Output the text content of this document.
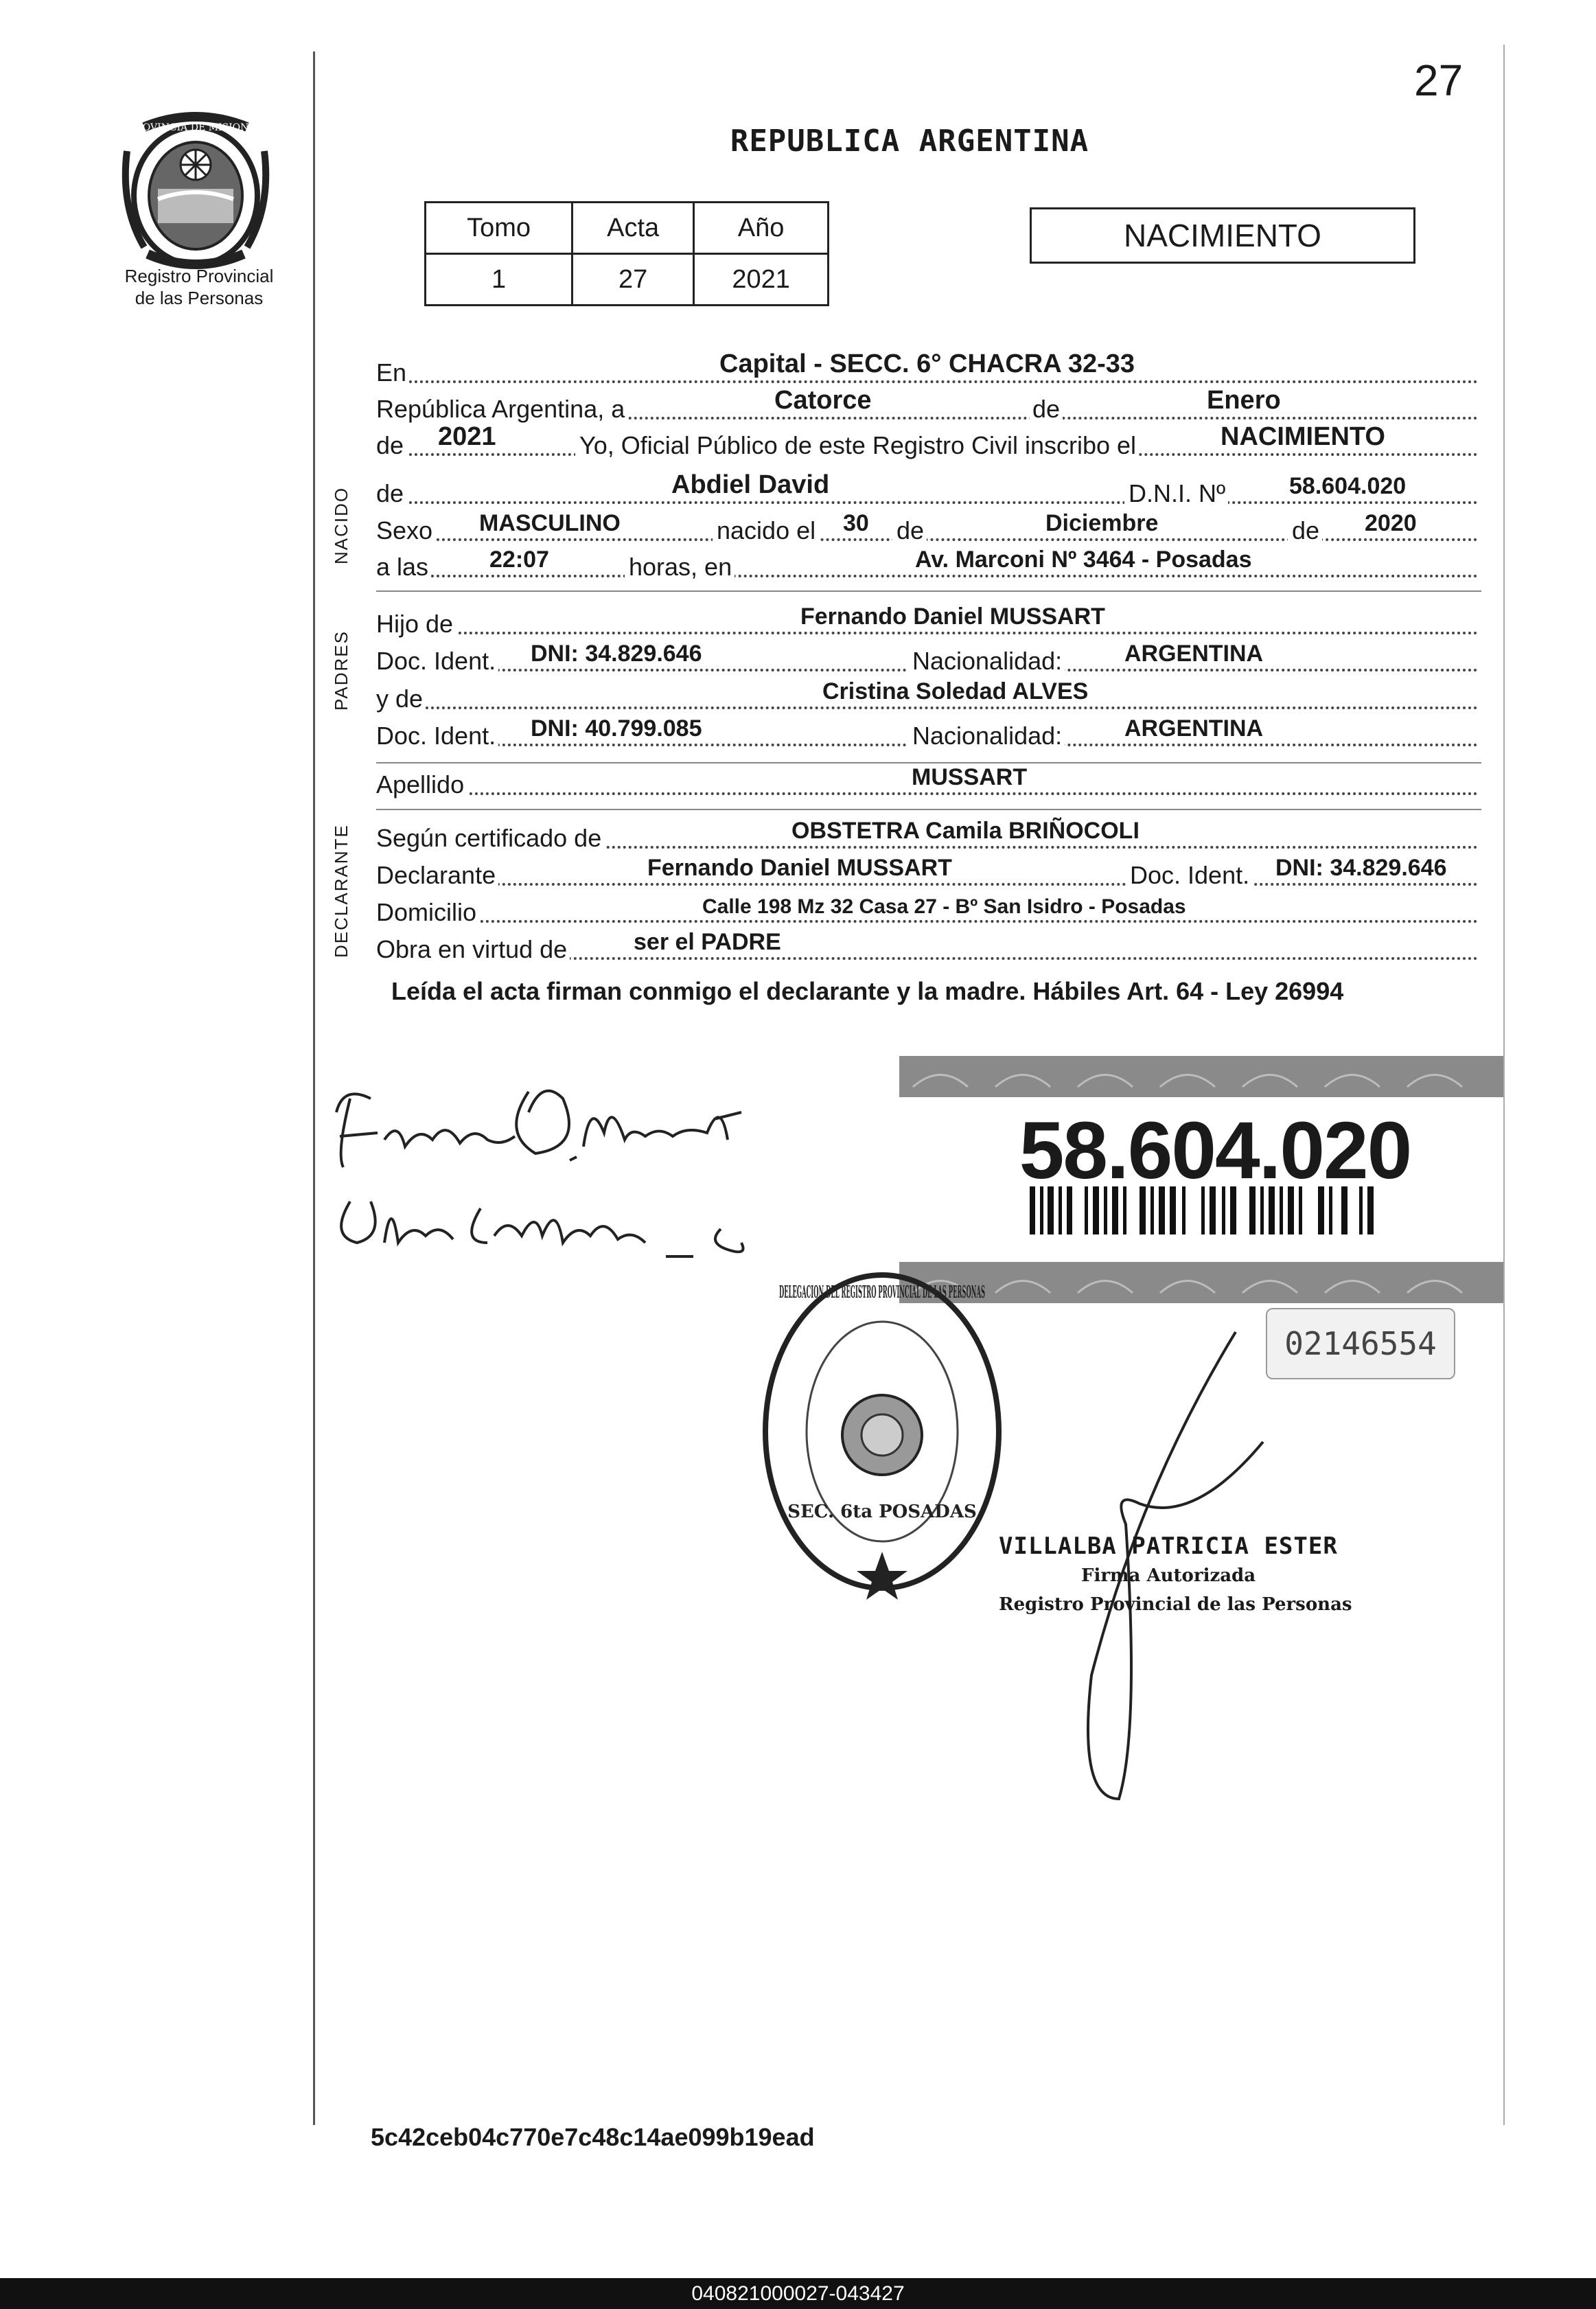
27
PROVINCIA DE MISIONES
Registro Provincial
de las Personas
REPUBLICA ARGENTINA
Tomo	Acta	Año
1	27	2021
NACIMIENTO
En	Capital - SECC. 6° CHACRA 32-33
República Argentina, a	Catorce	de	Enero
de 2021	Yo, Oficial Público de este Registro Civil inscribo el	NACIMIENTO
NACIDO de	Abdiel David	D.N.I. Nº	58.604.020
Sexo MASCULINO	nacido el 30 de	Diciembre	de 2020
a las	22:07	horas, en	Av. Marconi Nº 3464 - Posadas
PADRES
Hijo de	Fernando Daniel MUSSART
Doc. Ident. DNI: 34.829.646	Nacionalidad:	ARGENTINA
y de	Cristina Soledad ALVES
Doc. Ident. DNI: 40.799.085	Nacionalidad:	ARGENTINA
Apellido	MUSSART
DECLARANTE Según certificado de	OBSTETRA Camila BRIÑOCOLI
Declarante	Fernando Daniel MUSSART	Doc. Ident. DNI: 34.829.646
Domicilio	Calle 198 Mz 32 Casa 27 - Bº San Isidro - Posadas
Obra en virtud de	ser el PADRE
Leída el acta firman conmigo el declarante y la madre. Hábiles Art. 64 - Ley 26994
58.604.020
02146554
DELEGACION DEL REGISTRO PROVINCIAL DE LAS PERSONAS
SEC. 6ta POSADAS
VILLALBA PATRICIA ESTER
Firma Autorizada
Registro Provincial de las Personas
5c42ceb04c770e7c48c14ae099b19ead
040821000027-043427
